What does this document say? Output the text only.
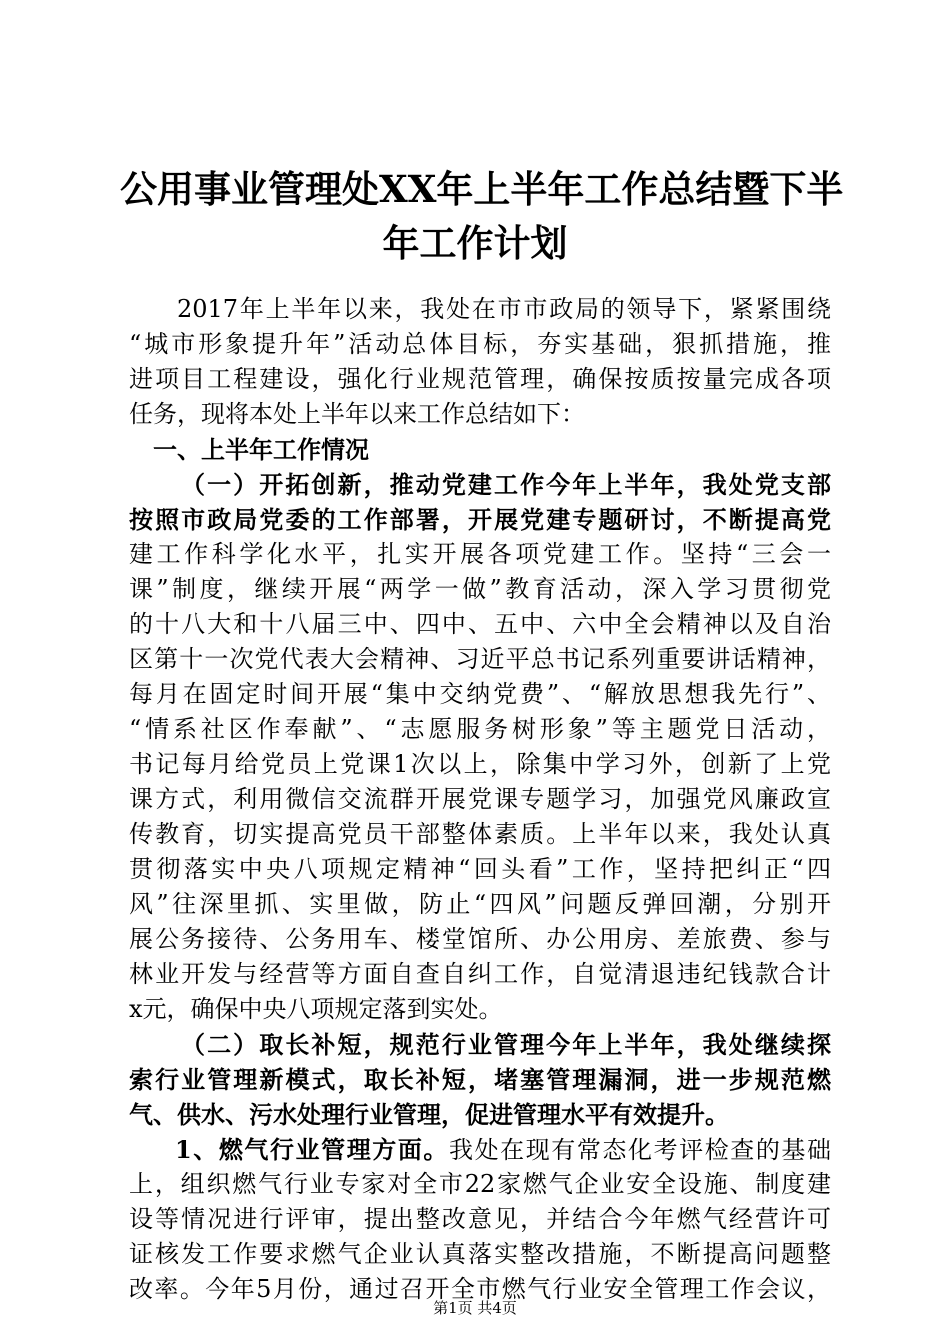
公用事业管理处XX年上半年工作总结暨下半
年工作计划
2017年上半年以来，我处在市市政局的领导下，紧紧围绕
“城市形象提升年”活动总体目标，夯实基础，狠抓措施，推
进项目工程建设，强化行业规范管理，确保按质按量完成各项
任务，现将本处上半年以来工作总结如下：
一、上半年工作情况
（一）开拓创新，推动党建工作今年上半年，我处党支部
按照市政局党委的工作部署，开展党建专题研讨，不断提高党
建工作科学化水平，扎实开展各项党建工作。坚持“三会一
课”制度，继续开展“两学一做”教育活动，深入学习贯彻党
的十八大和十八届三中、四中、五中、六中全会精神以及自治
区第十一次党代表大会精神、习近平总书记系列重要讲话精神，
每月在固定时间开展“集中交纳党费”、“解放思想我先行”、
“情系社区作奉献”、“志愿服务树形象”等主题党日活动，
书记每月给党员上党课1次以上，除集中学习外，创新了上党
课方式，利用微信交流群开展党课专题学习，加强党风廉政宣
传教育，切实提高党员干部整体素质。上半年以来，我处认真
贯彻落实中央八项规定精神“回头看”工作，坚持把纠正“四
风”往深里抓、实里做，防止“四风”问题反弹回潮，分别开
展公务接待、公务用车、楼堂馆所、办公用房、差旅费、参与
林业开发与经营等方面自查自纠工作，自觉清退违纪钱款合计
x元，确保中央八项规定落到实处。
（二）取长补短，规范行业管理今年上半年，我处继续探
索行业管理新模式，取长补短，堵塞管理漏洞，进一步规范燃
气、供水、污水处理行业管理，促进管理水平有效提升。
1、燃气行业管理方面。我处在现有常态化考评检查的基础
上，组织燃气行业专家对全市22家燃气企业安全设施、制度建
设等情况进行评审，提出整改意见，并结合今年燃气经营许可
证核发工作要求燃气企业认真落实整改措施，不断提高问题整
改率。今年5月份，通过召开全市燃气行业安全管理工作会议，
第1页 共4页
